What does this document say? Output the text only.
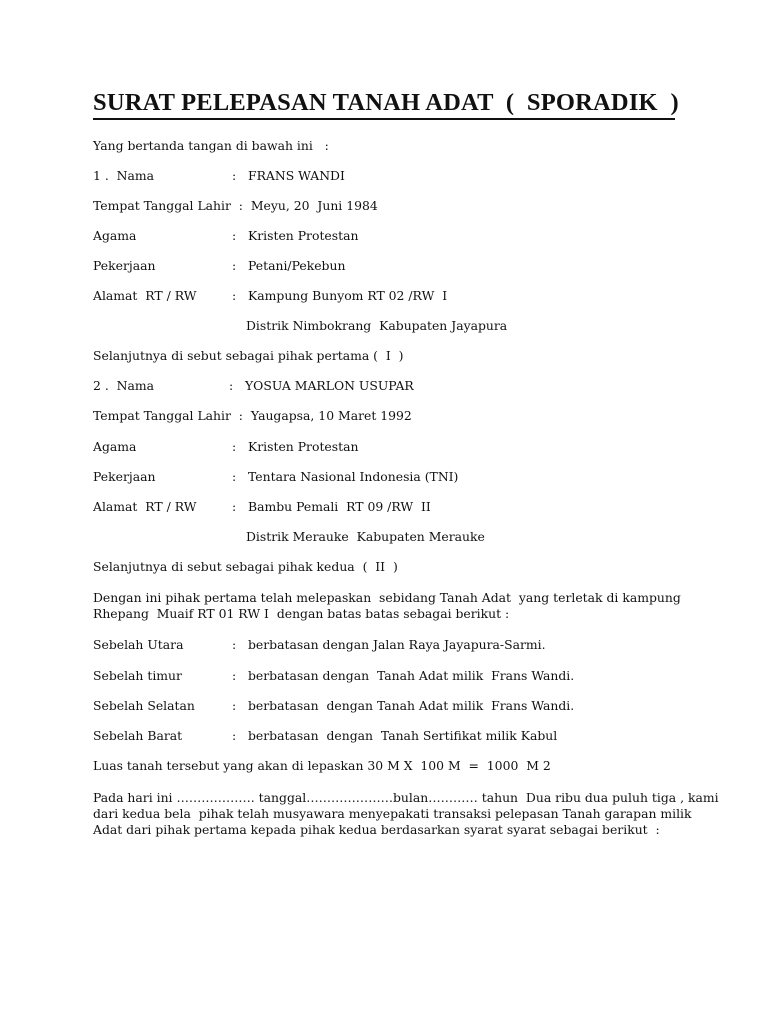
SURAT PELEPASAN TANAH ADAT  (  SPORADIK  )

Yang bertanda tangan di bawah ini   :

1 .  Nama	:   FRANS WANDI

Tempat Tanggal Lahir  :  Meyu, 20  Juni 1984

Agama	:   Kristen Protestan

Pekerjaan	:   Petani/Pekebun

Alamat  RT / RW	:   Kampung Bunyom RT 02 /RW  I

Distrik Nimbokrang  Kabupaten Jayapura

Selanjutnya di sebut sebagai pihak pertama (  I  )

2 .  Nama	:   YOSUA MARLON USUPAR

Tempat Tanggal Lahir  :  Yaugapsa, 10 Maret 1992

Agama	:   Kristen Protestan

Pekerjaan	:   Tentara Nasional Indonesia (TNI)

Alamat  RT / RW	:   Bambu Pemali  RT 09 /RW  II

Distrik Merauke  Kabupaten Merauke

Selanjutnya di sebut sebagai pihak kedua  (  II  )

Dengan ini pihak pertama telah melepaskan  sebidang Tanah Adat  yang terletak di kampung

Rhepang  Muaif RT 01 RW I  dengan batas batas sebagai berikut :

Sebelah Utara	:   berbatasan dengan Jalan Raya Jayapura-Sarmi.

Sebelah timur	:   berbatasan dengan  Tanah Adat milik  Frans Wandi.

Sebelah Selatan	:   berbatasan  dengan Tanah Adat milik  Frans Wandi.

Sebelah Barat	:   berbatasan  dengan  Tanah Sertifikat milik Kabul

Luas tanah tersebut yang akan di lepaskan 30 M X  100 M  =  1000  M 2

Pada hari ini ………………. tanggal…………………bulan………… tahun  Dua ribu dua puluh tiga , kami

dari kedua bela  pihak telah musyawara menyepakati transaksi pelepasan Tanah garapan milik

Adat dari pihak pertama kepada pihak kedua berdasarkan syarat syarat sebagai berikut  :
